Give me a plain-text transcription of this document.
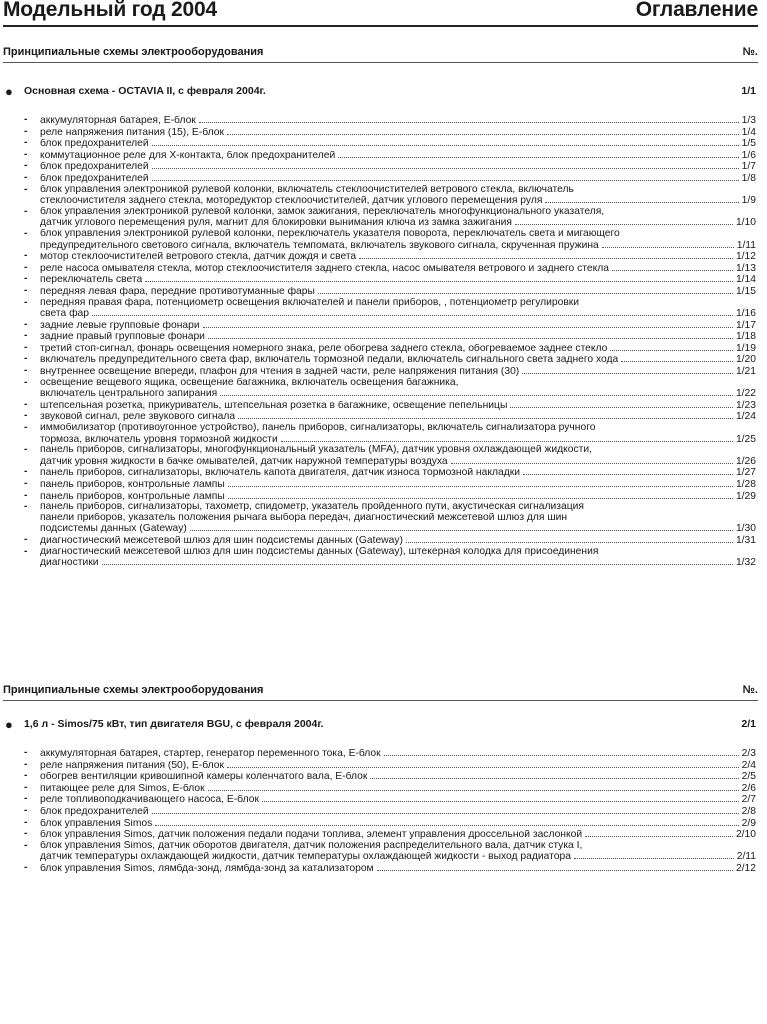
Модельный год 2004	Оглавление
Принципиальные схемы электрооборудования	№.
● Основная схема - OCTAVIA II, с февраля 2004г.	1/1
- аккумуляторная батарея, E-блок	1/3
- реле напряжения питания (15), E-блок	1/4
- блок предохранителей	1/5
- коммутационное реле для X-контакта, блок предохранителей	1/6
- блок предохранителей	1/7
- блок предохранителей	1/8
- блок управления электроникой рулевой колонки, включатель стеклоочистителей ветрового стекла, включатель
стеклоочистителя заднего стекла, моторедуктор стеклоочистителей, датчик углового перемещения руля	1/9
- блок управления электроникой рулевой колонки, замок зажигания, переключатель многофункционального указателя,
датчик углового перемещения руля, магнит для блокировки вынимания ключа из замка зажигания	1/10
- блок управления электроникой рулевой колонки, переключатель указателя поворота, переключатель света и мигающего
предупредительного светового сигнала, включатель темпомата, включатель звукового сигнала, скрученная пружина	1/11
- мотор стеклоочистителей ветрового стекла, датчик дождя и света	1/12
- реле насоса омывателя стекла, мотор стеклоочистителя заднего стекла, насос омывателя ветрового и заднего стекла	1/13
- переключатель света	1/14
- передняя левая фара, передние противотуманные фары	1/15
- передняя правая фара, потенциометр освещения включателей и панели приборов, , потенциометр регулировки
света фар	1/16
- задние левые групповые фонари	1/17
- задние правый групповые фонари	1/18
- третий стоп-сигнал, фонарь освещения номерного знака, реле обогрева заднего стекла, обогреваемое заднее стекло	1/19
- включатель предупредительного света фар, включатель тормозной педали, включатель сигнального света заднего хода	1/20
- внутреннее освещение впереди, плафон для чтения в задней части, реле напряжения питания (30)	1/21
- освещение вещевого ящика, освещение багажника, включатель освещения багажника,
включатель центрального запирания	1/22
- штепсельная розетка, прикуриватель, штепсельная розетка в багажнике, освещение пепельницы	1/23
- звуковой сигнал, реле звукового сигнала	1/24
- иммобилизатор (противоугонное устройство), панель приборов, сигнализаторы, включатель сигнализатора ручного
тормоза, включатель уровня тормозной жидкости	1/25
- панель приборов, сигнализаторы, многофункциональный указатель (MFA), датчик уровня охлаждающей жидкости,
датчик уровня жидкости в бачке омывателей, датчик наружной температуры воздуха	1/26
- панель приборов, сигнализаторы, включатель капота двигателя, датчик износа тормозной накладки	1/27
- панель приборов, контрольные лампы	1/28
- панель приборов, контрольные лампы	1/29
- панель приборов, сигнализаторы, тахометр, спидометр, указатель пройденного пути, акустическая сигнализация
панели приборов, указатель положения рычага выбора передач, диагностический межсетевой шлюз для шин
подсистемы данных (Gateway)	1/30
- диагностический межсетевой шлюз для шин подсистемы данных (Gateway)	1/31
- диагностический межсетевой шлюз для шин подсистемы данных (Gateway), штекерная колодка для присоединения
диагностики	1/32
Принципиальные схемы электрооборудования	№.
● 1,6 л - Simos/75 кВт, тип двигателя BGU, с февраля 2004г.	2/1
- аккумуляторная батарея, стартер, генератор переменного тока, E-блок	2/3
- реле напряжения питания (50), E-блок	2/4
- обогрев вентиляции кривошипной камеры коленчатого вала, E-блок	2/5
- питающее реле для Simos, E-блок	2/6
- реле топливоподкачивающего насоса, E-блок	2/7
- блок предохранителей	2/8
- блок управления Simos	2/9
- блок управления Simos, датчик положения педали подачи топлива, элемент управления дроссельной заслонкой	2/10
- блок управления Simos, датчик оборотов двигателя, датчик положения распределительного вала, датчик стука I,
датчик температуры охлаждающей жидкости, датчик температуры охлаждающей жидкости - выход радиатора	2/11
- блок управления Simos, лямбда-зонд, лямбда-зонд за катализатором	2/12
